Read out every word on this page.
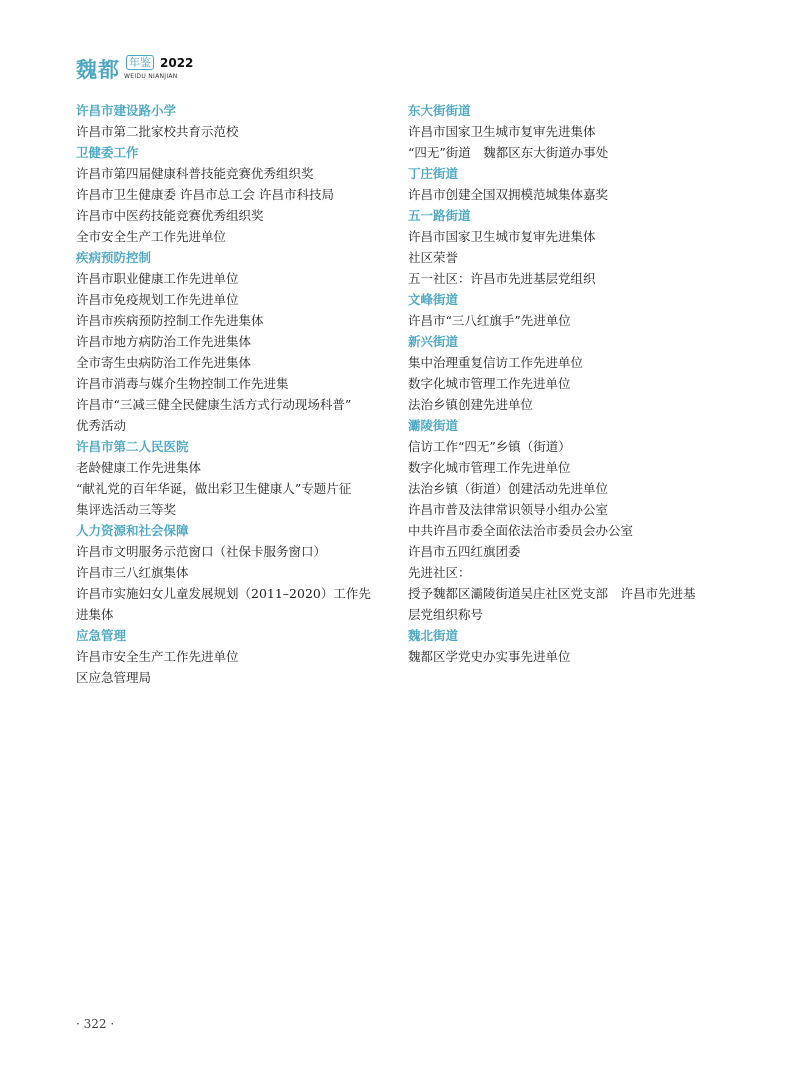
魏都 年鉴 2022
WEIDU NIANJIAN
许昌市建设路小学
许昌市第二批家校共育示范校
卫健委工作
许昌市第四届健康科普技能竞赛优秀组织奖
许昌市卫生健康委 许昌市总工会 许昌市科技局
许昌市中医药技能竞赛优秀组织奖
全市安全生产工作先进单位
疾病预防控制
许昌市职业健康工作先进单位
许昌市免疫规划工作先进单位
许昌市疾病预防控制工作先进集体
许昌市地方病防治工作先进集体
全市寄生虫病防治工作先进集体
许昌市消毒与媒介生物控制工作先进集
许昌市“三减三健全民健康生活方式行动现场科普”
优秀活动
许昌市第二人民医院
老龄健康工作先进集体
“献礼党的百年华诞，做出彩卫生健康人”专题片征
集评选活动三等奖
人力资源和社会保障
许昌市文明服务示范窗口（社保卡服务窗口）
许昌市三八红旗集体
许昌市实施妇女儿童发展规划（2011–2020）工作先
进集体
应急管理
许昌市安全生产工作先进单位
区应急管理局
东大街街道
许昌市国家卫生城市复审先进集体
“四无”街道　魏都区东大街道办事处
丁庄街道
许昌市创建全国双拥模范城集体嘉奖
五一路街道
许昌市国家卫生城市复审先进集体
社区荣誉
五一社区：许昌市先进基层党组织
文峰街道
许昌市“三八红旗手”先进单位
新兴街道
集中治理重复信访工作先进单位
数字化城市管理工作先进单位
法治乡镇创建先进单位
灞陵街道
信访工作“四无”乡镇（街道）
数字化城市管理工作先进单位
法治乡镇（街道）创建活动先进单位
许昌市普及法律常识领导小组办公室
中共许昌市委全面依法治市委员会办公室
许昌市五四红旗团委
先进社区：
授予魏都区灞陵街道吴庄社区党支部　许昌市先进基
层党组织称号
魏北街道
魏都区学党史办实事先进单位
· 322 ·
